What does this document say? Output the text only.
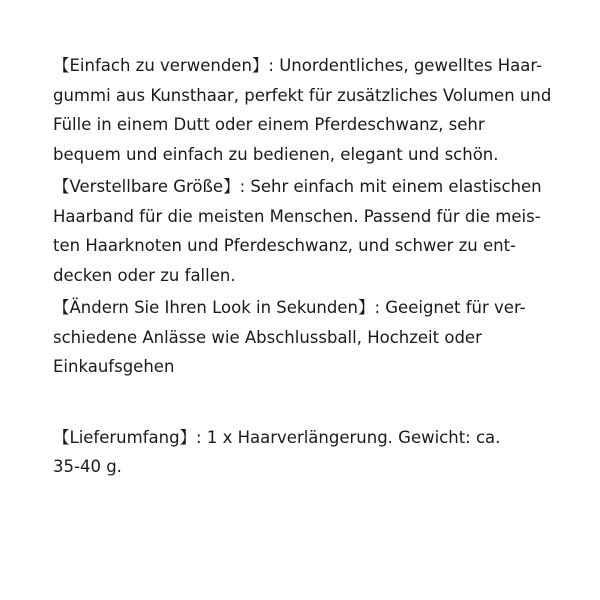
【Einfach zu verwenden】: Unordentliches, gewelltes Haar-
gummi aus Kunsthaar, perfekt für zusätzliches Volumen und
Fülle in einem Dutt oder einem Pferdeschwanz, sehr
bequem und einfach zu bedienen, elegant und schön.

【Verstellbare Größe】: Sehr einfach mit einem elastischen
Haarband für die meisten Menschen. Passend für die meis-
ten Haarknoten und Pferdeschwanz, und schwer zu ent-
decken oder zu fallen.

【Ändern Sie Ihren Look in Sekunden】: Geeignet für ver-
schiedene Anlässe wie Abschlussball, Hochzeit oder
Einkaufsgehen

【Lieferumfang】: 1 x Haarverlängerung. Gewicht: ca.
35-40 g.
